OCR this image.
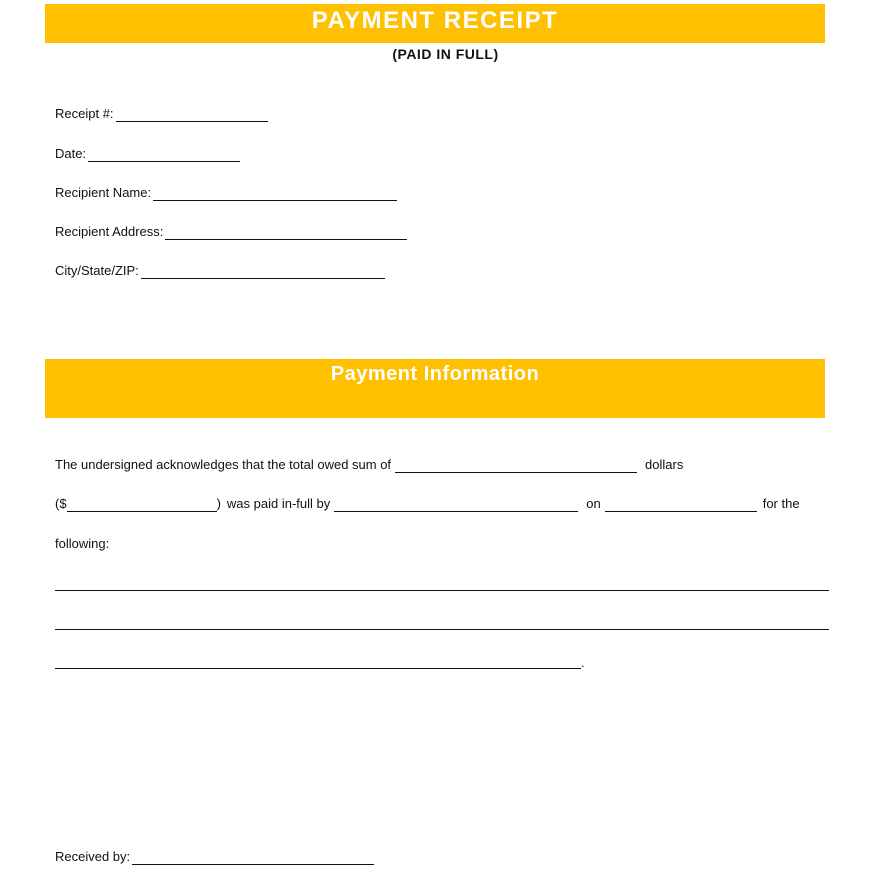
PAYMENT RECEIPT
(PAID IN FULL)
Receipt #:
Date:
Recipient Name:
Recipient Address:
City/State/ZIP:
Payment Information
The undersigned acknowledges that the total owed sum of	dollars
($	) was paid in-full by	on	for the
following:
.
Received by:
